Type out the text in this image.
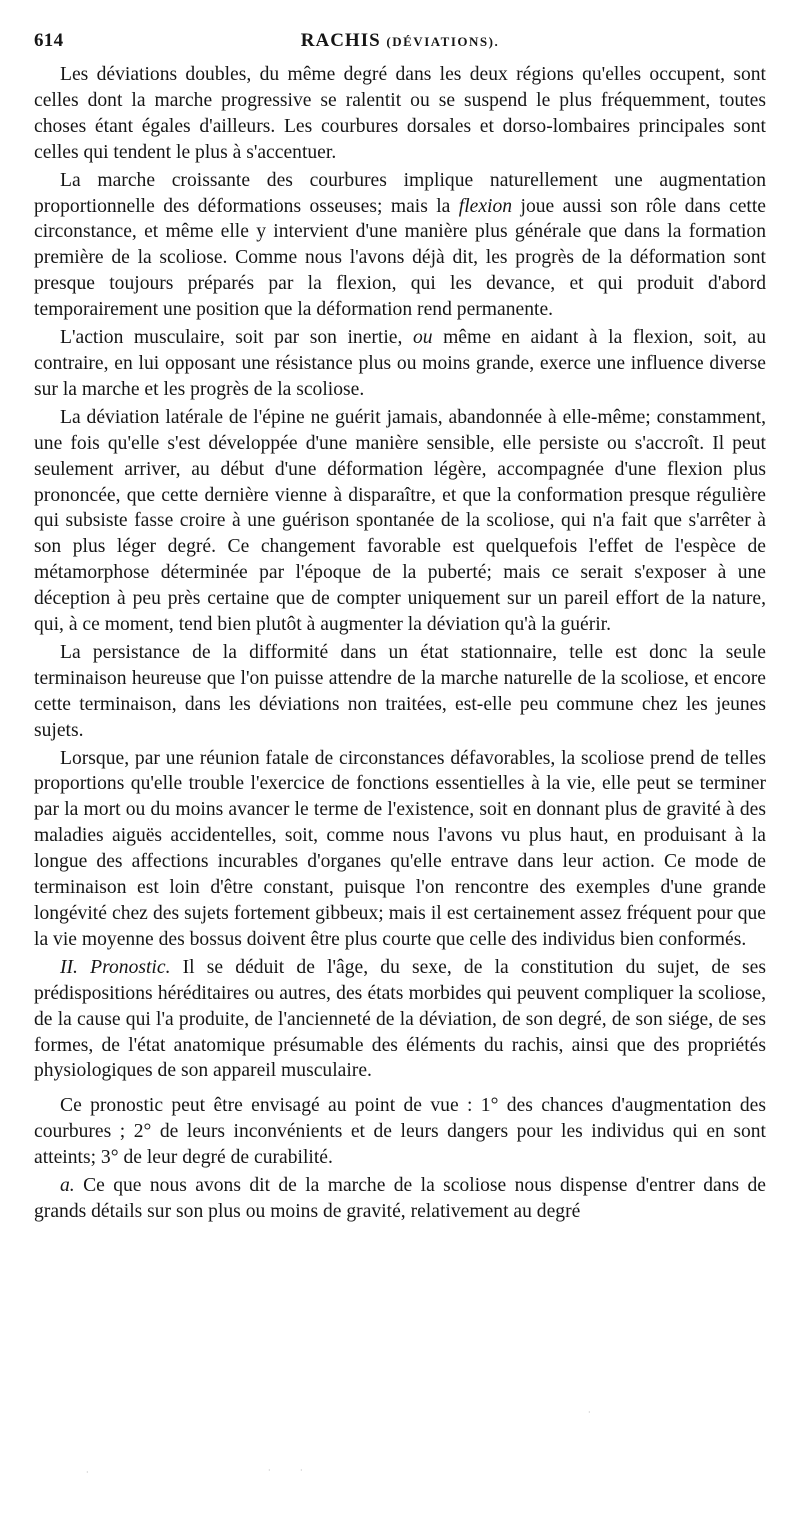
614	RACHIS (DÉVIATIONS).

Les déviations doubles, du même degré dans les deux régions qu'elles occupent, sont celles dont la marche progressive se ralentit ou se suspend le plus fréquemment, toutes choses étant égales d'ailleurs. Les courbures dorsales et dorso-lombaires principales sont celles qui tendent le plus à s'accentuer.

La marche croissante des courbures implique naturellement une augmentation proportionnelle des déformations osseuses; mais la flexion joue aussi son rôle dans cette circonstance, et même elle y intervient d'une manière plus générale que dans la formation première de la scoliose. Comme nous l'avons déjà dit, les progrès de la déformation sont presque toujours préparés par la flexion, qui les devance, et qui produit d'abord temporairement une position que la déformation rend permanente.

L'action musculaire, soit par son inertie, ou même en aidant à la flexion, soit, au contraire, en lui opposant une résistance plus ou moins grande, exerce une influence diverse sur la marche et les progrès de la scoliose.

La déviation latérale de l'épine ne guérit jamais, abandonnée à elle-même; constamment, une fois qu'elle s'est développée d'une manière sensible, elle persiste ou s'accroît. Il peut seulement arriver, au début d'une déformation légère, accompagnée d'une flexion plus prononcée, que cette dernière vienne à disparaître, et que la conformation presque régulière qui subsiste fasse croire à une guérison spontanée de la scoliose, qui n'a fait que s'arrêter à son plus léger degré. Ce changement favorable est quelquefois l'effet de l'espèce de métamorphose déterminée par l'époque de la puberté; mais ce serait s'exposer à une déception à peu près certaine que de compter uniquement sur un pareil effort de la nature, qui, à ce moment, tend bien plutôt à augmenter la déviation qu'à la guérir.

La persistance de la difformité dans un état stationnaire, telle est donc la seule terminaison heureuse que l'on puisse attendre de la marche naturelle de la scoliose, et encore cette terminaison, dans les déviations non traitées, est-elle peu commune chez les jeunes sujets.

Lorsque, par une réunion fatale de circonstances défavorables, la scoliose prend de telles proportions qu'elle trouble l'exercice de fonctions essentielles à la vie, elle peut se terminer par la mort ou du moins avancer le terme de l'existence, soit en donnant plus de gravité à des maladies aiguës accidentelles, soit, comme nous l'avons vu plus haut, en produisant à la longue des affections incurables d'organes qu'elle entrave dans leur action. Ce mode de terminaison est loin d'être constant, puisque l'on rencontre des exemples d'une grande longévité chez des sujets fortement gibbeux; mais il est certainement assez fréquent pour que la vie moyenne des bossus doivent être plus courte que celle des individus bien conformés.

II. Pronostic. Il se déduit de l'âge, du sexe, de la constitution du sujet, de ses prédispositions héréditaires ou autres, des états morbides qui peuvent compliquer la scoliose, de la cause qui l'a produite, de l'ancienneté de la déviation, de son degré, de son siége, de ses formes, de l'état anatomique présumable des éléments du rachis, ainsi que des propriétés physiologiques de son appareil musculaire.

Ce pronostic peut être envisagé au point de vue : 1° des chances d'augmentation des courbures ; 2° de leurs inconvénients et de leurs dangers pour les individus qui en sont atteints; 3° de leur degré de curabilité.

a. Ce que nous avons dit de la marche de la scoliose nous dispense d'entrer dans de grands détails sur son plus ou moins de gravité, relativement au degré

·	·	·
·
